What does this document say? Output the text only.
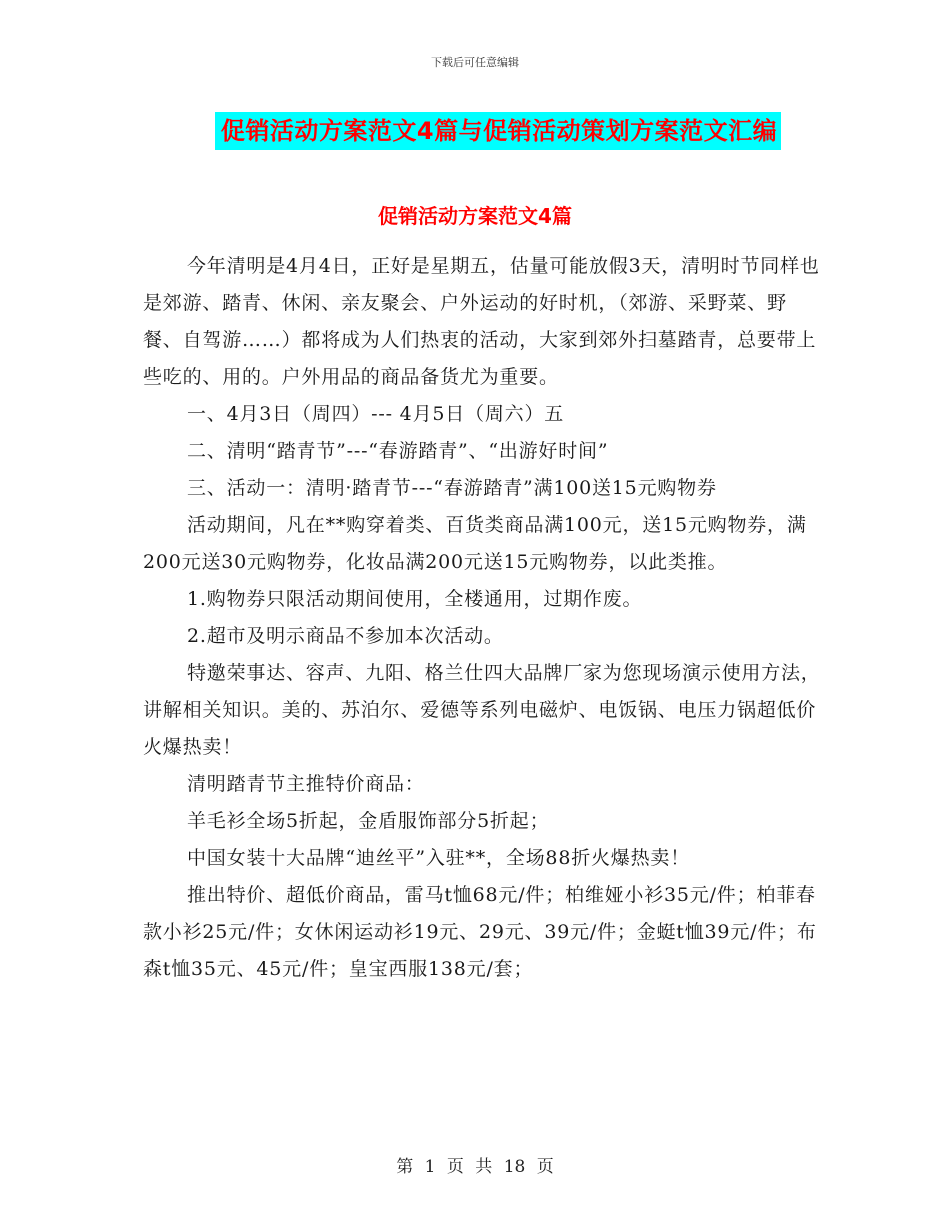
下载后可任意编辑
促销活动方案范文4篇与促销活动策划方案范文汇编
促销活动方案范文4篇

今年清明是4月4日，正好是星期五，估量可能放假3天，清明时节同样也是郊游、踏青、休闲、亲友聚会、户外运动的好时机，（郊游、采野菜、野餐、自驾游……）都将成为人们热衷的活动，大家到郊外扫墓踏青，总要带上些吃的、用的。户外用品的商品备货尤为重要。

一、4月3日（周四）--- 4月5日（周六）五

二、清明“踏青节”---“春游踏青”、“出游好时间”

三、活动一：清明·踏青节---“春游踏青”满100送15元购物券

活动期间，凡在**购穿着类、百货类商品满100元，送15元购物券，满200元送30元购物券，化妆品满200元送15元购物券，以此类推。

1.购物券只限活动期间使用，全楼通用，过期作废。

2.超市及明示商品不参加本次活动。

特邀荣事达、容声、九阳、格兰仕四大品牌厂家为您现场演示使用方法，讲解相关知识。美的、苏泊尔、爱德等系列电磁炉、电饭锅、电压力锅超低价火爆热卖！

清明踏青节主推特价商品：

羊毛衫全场5折起，金盾服饰部分5折起；

中国女装十大品牌“迪丝平”入驻**，全场88折火爆热卖！

推出特价、超低价商品，雷马t恤68元/件；柏维娅小衫35元/件；柏菲春款小衫25元/件；女休闲运动衫19元、29元、39元/件；金蜓t恤39元/件；布森t恤35元、45元/件；皇宝西服138元/套；

第 1 页 共 18 页
